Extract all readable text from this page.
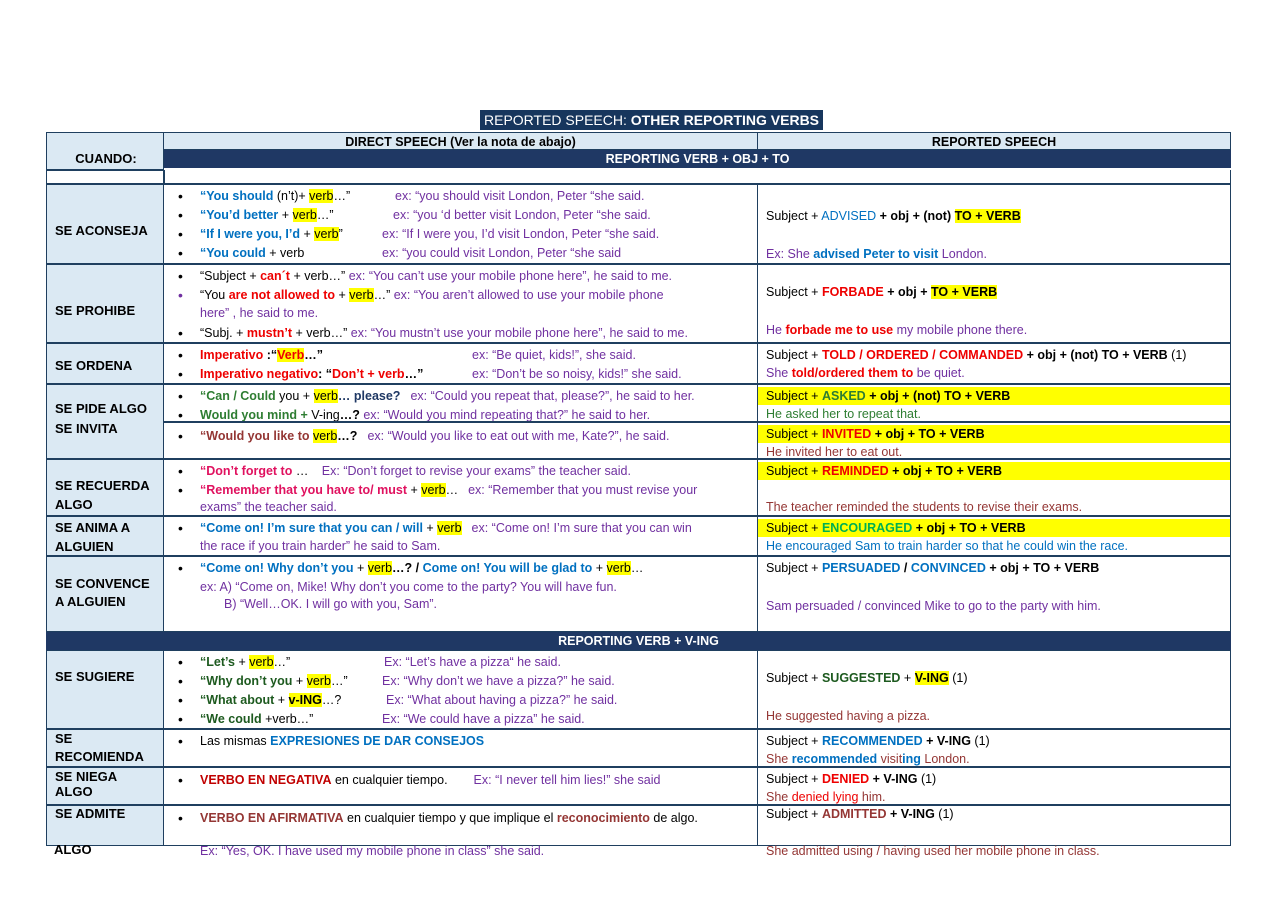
REPORTED SPEECH: OTHER REPORTING VERBS
CUANDO:
DIRECT SPEECH (Ver la nota de abajo)	REPORTED SPEECH
REPORTING VERB + OBJ + TO
SE ACONSEJA
• “You should (n’t)+ verb…”	ex: “you should visit London, Peter “she said.
• “You’d better + verb…”	ex: “you ‘d better visit London, Peter “she said.
• “If I were you, I’d + verb”	ex: “If I were you, I’d visit London, Peter “she said.
• “You could + verb	ex: “you could visit London, Peter “she said
Subject + ADVISED + obj + (not) TO + VERB
Ex: She advised Peter to visit London.
SE PROHIBE
• “Subject + can´t + verb…” ex: “You can’t use your mobile phone here”, he said to me.
• “You are not allowed to + verb…” ex: “You aren’t allowed to use your mobile phone
here” , he said to me.
• “Subj. + mustn’t + verb…” ex: “You mustn’t use your mobile phone here”, he said to me.
Subject + FORBADE + obj + TO + VERB
He forbade me to use my mobile phone there.
SE ORDENA
• Imperativo :“Verb…”	ex: “Be quiet, kids!”, she said.
• Imperativo negativo: “Don’t + verb…”	ex: “Don’t be so noisy, kids!” she said.
Subject + TOLD / ORDERED / COMMANDED + obj + (not) TO + VERB (1)
She told/ordered them to be quiet.
SE PIDE ALGO
SE INVITA
• “Can / Could you + verb… please? ex: “Could you repeat that, please?”, he said to her.
• Would you mind + V-ing…? ex: “Would you mind repeating that?” he said to her.
Subject + ASKED + obj + (not) TO + VERB
He asked her to repeat that.
• “Would you like to verb…? ex: “Would you like to eat out with me, Kate?”, he said.	Subject + INVITED + obj + TO + VERB
He invited her to eat out.
SE RECUERDA ALGO
• “Don’t forget to … Ex: “Don’t forget to revise your exams” the teacher said.
• “Remember that you have to/ must + verb… ex: “Remember that you must revise your
exams” the teacher said.
Subject + REMINDED + obj + TO + VERB
The teacher reminded the students to revise their exams.
SE ANIMA A ALGUIEN
• “Come on! I’m sure that you can / will + verb ex: “Come on! I’m sure that you can win
the race if you train harder” he said to Sam.
Subject + ENCOURAGED + obj + TO + VERB
He encouraged Sam to train harder so that he could win the race.
SE CONVENCE A ALGUIEN
• “Come on! Why don’t you + verb…? / Come on! You will be glad to + verb…
ex: A) “Come on, Mike! Why don’t you come to the party? You will have fun.
B) “Well…OK. I will go with you, Sam”.
Subject + PERSUADED / CONVINCED + obj + TO + VERB
Sam persuaded / convinced Mike to go to the party with him.
REPORTING VERB + V-ING
SE SUGIERE
• “Let’s + verb…”	Ex: “Let’s have a pizza“ he said.
• “Why don’t you + verb…”	Ex: “Why don’t we have a pizza?” he said.
• “What about + v-ING…?	Ex: “What about having a pizza?” he said.
• “We could +verb…”	Ex: “We could have a pizza” he said.
Subject + SUGGESTED + V-ING (1)
He suggested having a pizza.
SE RECOMIENDA
• Las mismas EXPRESIONES DE DAR CONSEJOS	Subject + RECOMMENDED + V-ING (1)
She recommended visiting London.
SE NIEGA ALGO
• VERBO EN NEGATIVA en cualquier tiempo. Ex: “I never tell him lies!” she said	Subject + DENIED + V-ING (1)
She denied lying him.
SE ADMITE
•	VERBO EN AFIRMATIVA en cualquier tiempo y que implique el reconocimiento de algo.	Subject + ADMITTED + V-ING (1)
ALGO	Ex: “Yes, OK. I have used my mobile phone in class” she said.	She admitted using / having used her mobile phone in class.
